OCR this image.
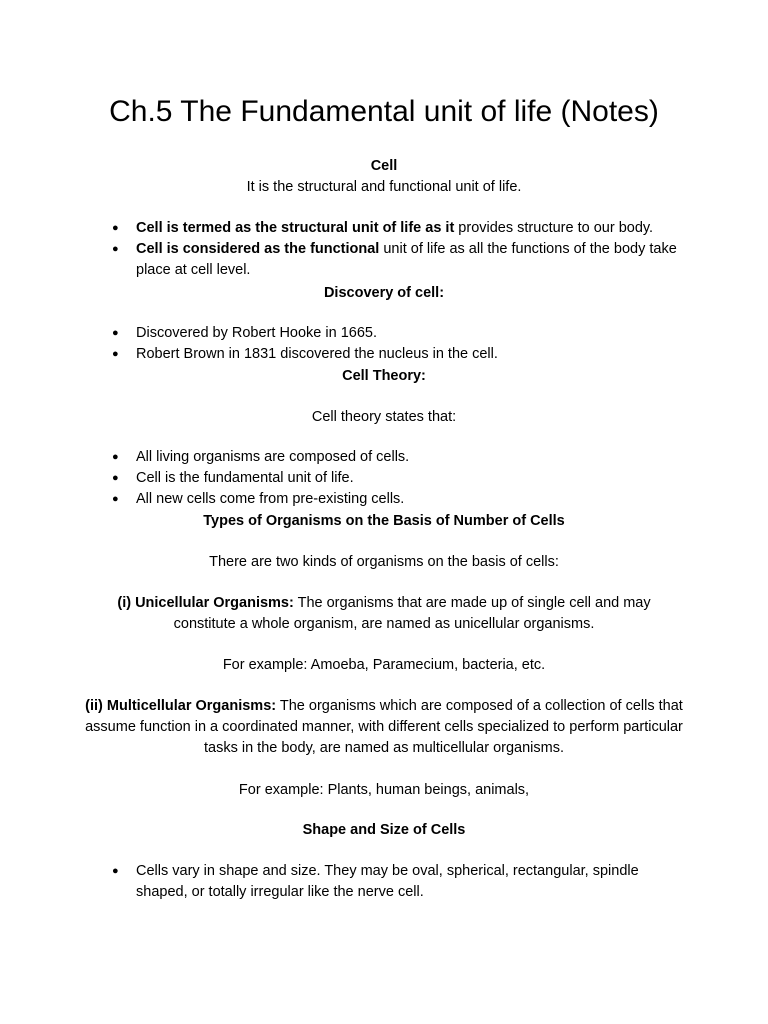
Ch.5 The Fundamental unit of life (Notes)
Cell
It is the structural and functional unit of life.
● Cell is termed as the structural unit of life as it provides structure to our body.
● Cell is considered as the functional unit of life as all the functions of the body take place at cell level.
Discovery of cell:
● Discovered by Robert Hooke in 1665.
● Robert Brown in 1831 discovered the nucleus in the cell.
Cell Theory:
Cell theory states that:
● All living organisms are composed of cells.
● Cell is the fundamental unit of life.
● All new cells come from pre-existing cells.
Types of Organisms on the Basis of Number of Cells
There are two kinds of organisms on the basis of cells:
(i) Unicellular Organisms: The organisms that are made up of single cell and may constitute a whole organism, are named as unicellular organisms.
For example: Amoeba, Paramecium, bacteria, etc.
(ii) Multicellular Organisms: The organisms which are composed of a collection of cells that assume function in a coordinated manner, with different cells specialized to perform particular tasks in the body, are named as multicellular organisms.
For example: Plants, human beings, animals,
Shape and Size of Cells
● Cells vary in shape and size. They may be oval, spherical, rectangular, spindle shaped, or totally irregular like the nerve cell.
